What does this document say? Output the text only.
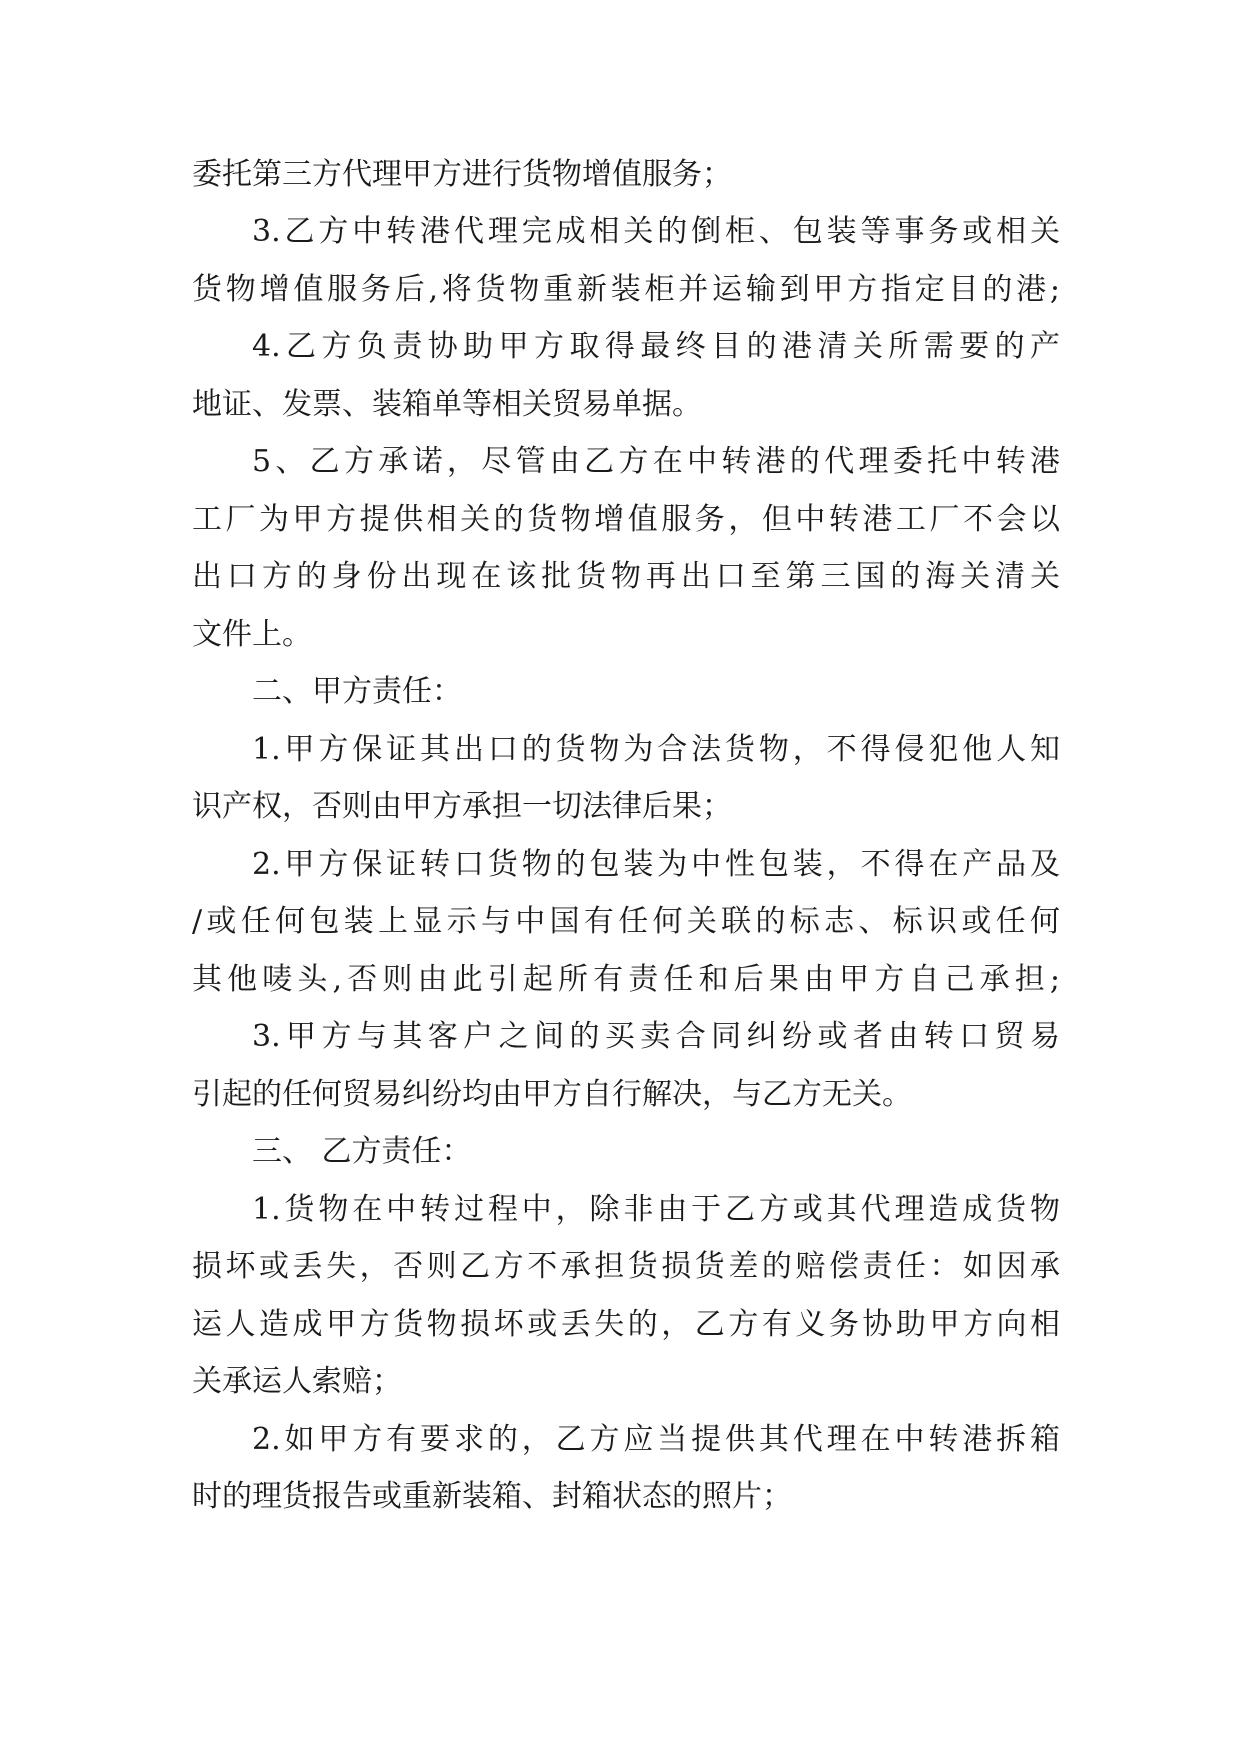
委托第三方代理甲方进行货物增值服务；
3.乙方中转港代理完成相关的倒柜、包装等事务或相关
货物增值服务后,将货物重新装柜并运输到甲方指定目的港;
4.乙方负责协助甲方取得最终目的港清关所需要的产
地证、发票、装箱单等相关贸易单据。
5、乙方承诺，尽管由乙方在中转港的代理委托中转港
工厂为甲方提供相关的货物增值服务，但中转港工厂不会以
出口方的身份出现在该批货物再出口至第三国的海关清关
文件上。
二、甲方责任：
1.甲方保证其出口的货物为合法货物，不得侵犯他人知
识产权，否则由甲方承担一切法律后果；
2.甲方保证转口货物的包装为中性包装，不得在产品及
/或任何包装上显示与中国有任何关联的标志、标识或任何
其他唛头,否则由此引起所有责任和后果由甲方自己承担;
3.甲方与其客户之间的买卖合同纠纷或者由转口贸易
引起的任何贸易纠纷均由甲方自行解决，与乙方无关。
三、 乙方责任：
1.货物在中转过程中，除非由于乙方或其代理造成货物
损坏或丢失，否则乙方不承担货损货差的赔偿责任：如因承
运人造成甲方货物损坏或丢失的，乙方有义务协助甲方向相
关承运人索赔；
2.如甲方有要求的，乙方应当提供其代理在中转港拆箱
时的理货报告或重新装箱、封箱状态的照片；
